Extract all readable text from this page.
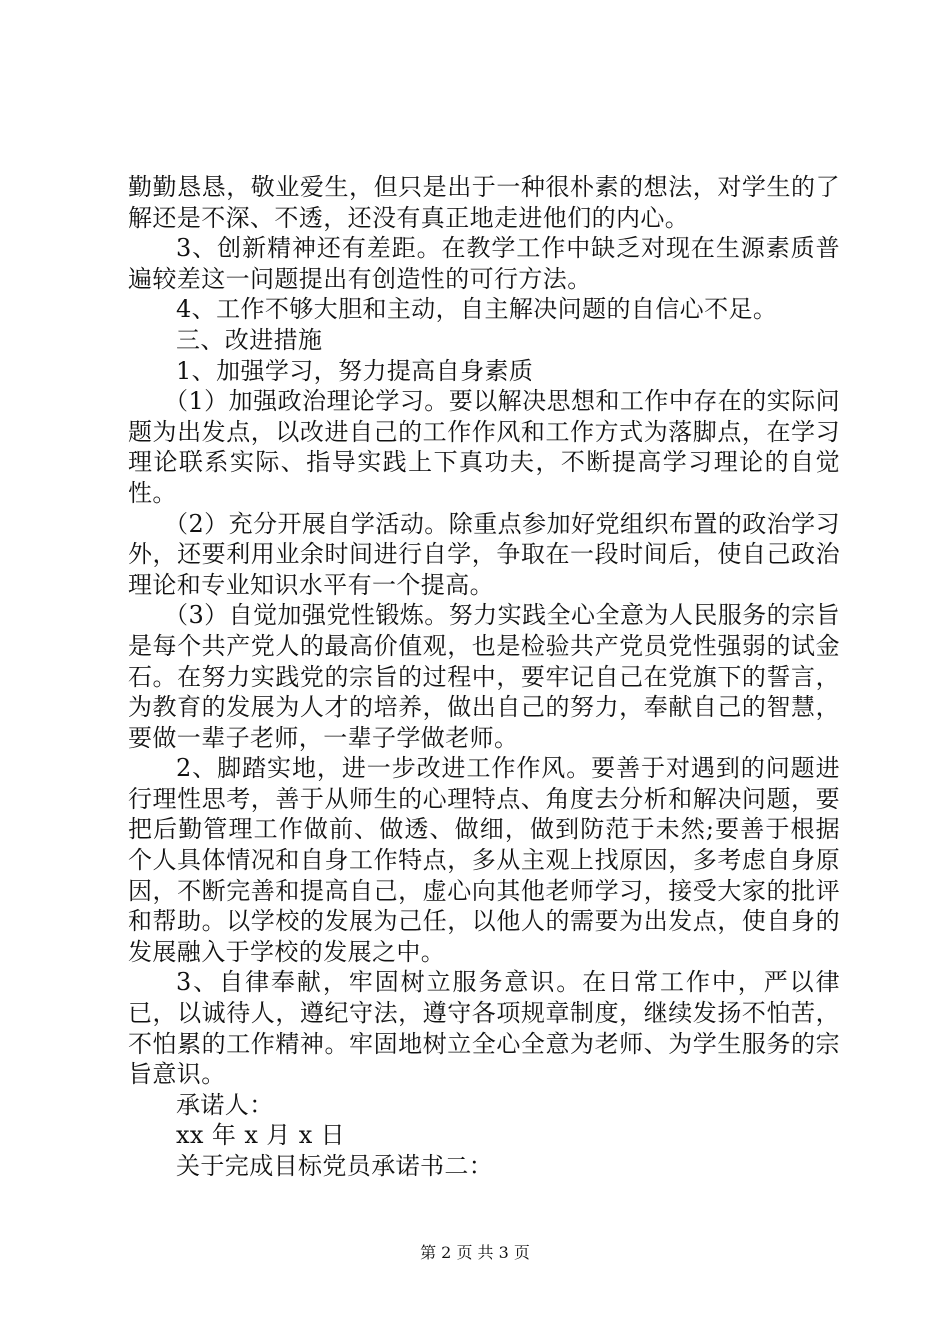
勤勤恳恳，敬业爱生，但只是出于一种很朴素的想法，对学生的了解还是不深、不透，还没有真正地走进他们的内心。

3、创新精神还有差距。在教学工作中缺乏对现在生源素质普遍较差这一问题提出有创造性的可行方法。

4、工作不够大胆和主动，自主解决问题的自信心不足。

三、改进措施

1、加强学习，努力提高自身素质

（1）加强政治理论学习。要以解决思想和工作中存在的实际问题为出发点，以改进自己的工作作风和工作方式为落脚点，在学习理论联系实际、指导实践上下真功夫，不断提高学习理论的自觉性。

（2）充分开展自学活动。除重点参加好党组织布置的政治学习外，还要利用业余时间进行自学，争取在一段时间后，使自己政治理论和专业知识水平有一个提高。

（3）自觉加强党性锻炼。努力实践全心全意为人民服务的宗旨是每个共产党人的最高价值观，也是检验共产党员党性强弱的试金石。在努力实践党的宗旨的过程中，要牢记自己在党旗下的誓言，为教育的发展为人才的培养，做出自己的努力，奉献自己的智慧，要做一辈子老师，一辈子学做老师。

2、脚踏实地，进一步改进工作作风。要善于对遇到的问题进行理性思考，善于从师生的心理特点、角度去分析和解决问题，要把后勤管理工作做前、做透、做细，做到防范于未然;要善于根据个人具体情况和自身工作特点，多从主观上找原因，多考虑自身原因，不断完善和提高自己，虚心向其他老师学习，接受大家的批评和帮助。以学校的发展为己任，以他人的需要为出发点，使自身的发展融入于学校的发展之中。

3、自律奉献，牢固树立服务意识。在日常工作中，严以律已，以诚待人，遵纪守法，遵守各项规章制度，继续发扬不怕苦，不怕累的工作精神。牢固地树立全心全意为老师、为学生服务的宗旨意识。

承诺人：

xx 年 x 月 x 日

关于完成目标党员承诺书二：

第 2 页 共 3 页
